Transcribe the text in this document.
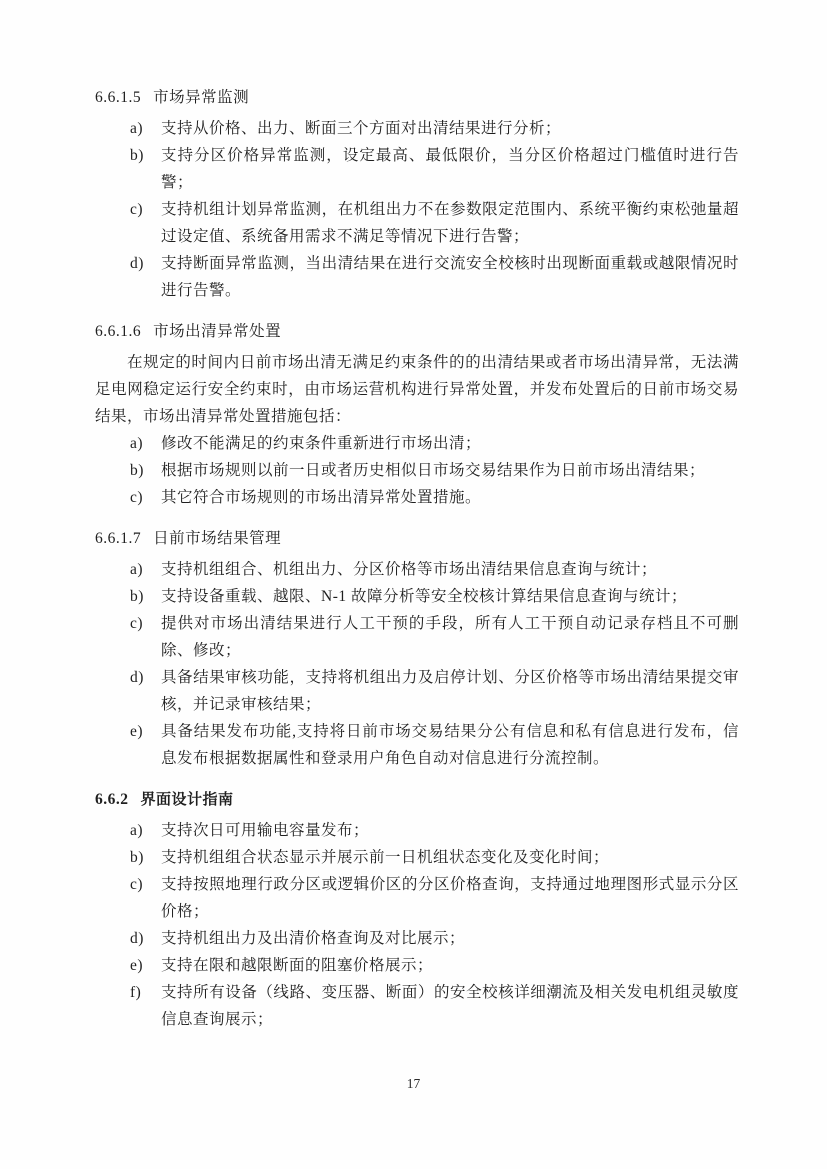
6.6.1.5 市场异常监测
a) 支持从价格、出力、断面三个方面对出清结果进行分析；
b) 支持分区价格异常监测，设定最高、最低限价，当分区价格超过门槛值时进行告警；
c) 支持机组计划异常监测，在机组出力不在参数限定范围内、系统平衡约束松弛量超过设定值、系统备用需求不满足等情况下进行告警；
d) 支持断面异常监测，当出清结果在进行交流安全校核时出现断面重载或越限情况时进行告警。
6.6.1.6 市场出清异常处置

在规定的时间内日前市场出清无满足约束条件的的出清结果或者市场出清异常，无法满足电网稳定运行安全约束时，由市场运营机构进行异常处置，并发布处置后的日前市场交易结果，市场出清异常处置措施包括：

a) 修改不能满足的约束条件重新进行市场出清；
b) 根据市场规则以前一日或者历史相似日市场交易结果作为日前市场出清结果；
c) 其它符合市场规则的市场出清异常处置措施。
6.6.1.7 日前市场结果管理
a) 支持机组组合、机组出力、分区价格等市场出清结果信息查询与统计；
b) 支持设备重载、越限、N-1 故障分析等安全校核计算结果信息查询与统计；
c) 提供对市场出清结果进行人工干预的手段，所有人工干预自动记录存档且不可删除、修改；
d) 具备结果审核功能，支持将机组出力及启停计划、分区价格等市场出清结果提交审核，并记录审核结果；
e) 具备结果发布功能,支持将日前市场交易结果分公有信息和私有信息进行发布，信息发布根据数据属性和登录用户角色自动对信息进行分流控制。
6.6.2 界面设计指南
a) 支持次日可用输电容量发布；
b) 支持机组组合状态显示并展示前一日机组状态变化及变化时间；
c) 支持按照地理行政分区或逻辑价区的分区价格查询，支持通过地理图形式显示分区价格；
d) 支持机组出力及出清价格查询及对比展示；
e) 支持在限和越限断面的阻塞价格展示；
f) 支持所有设备（线路、变压器、断面）的安全校核详细潮流及相关发电机组灵敏度信息查询展示；
17
